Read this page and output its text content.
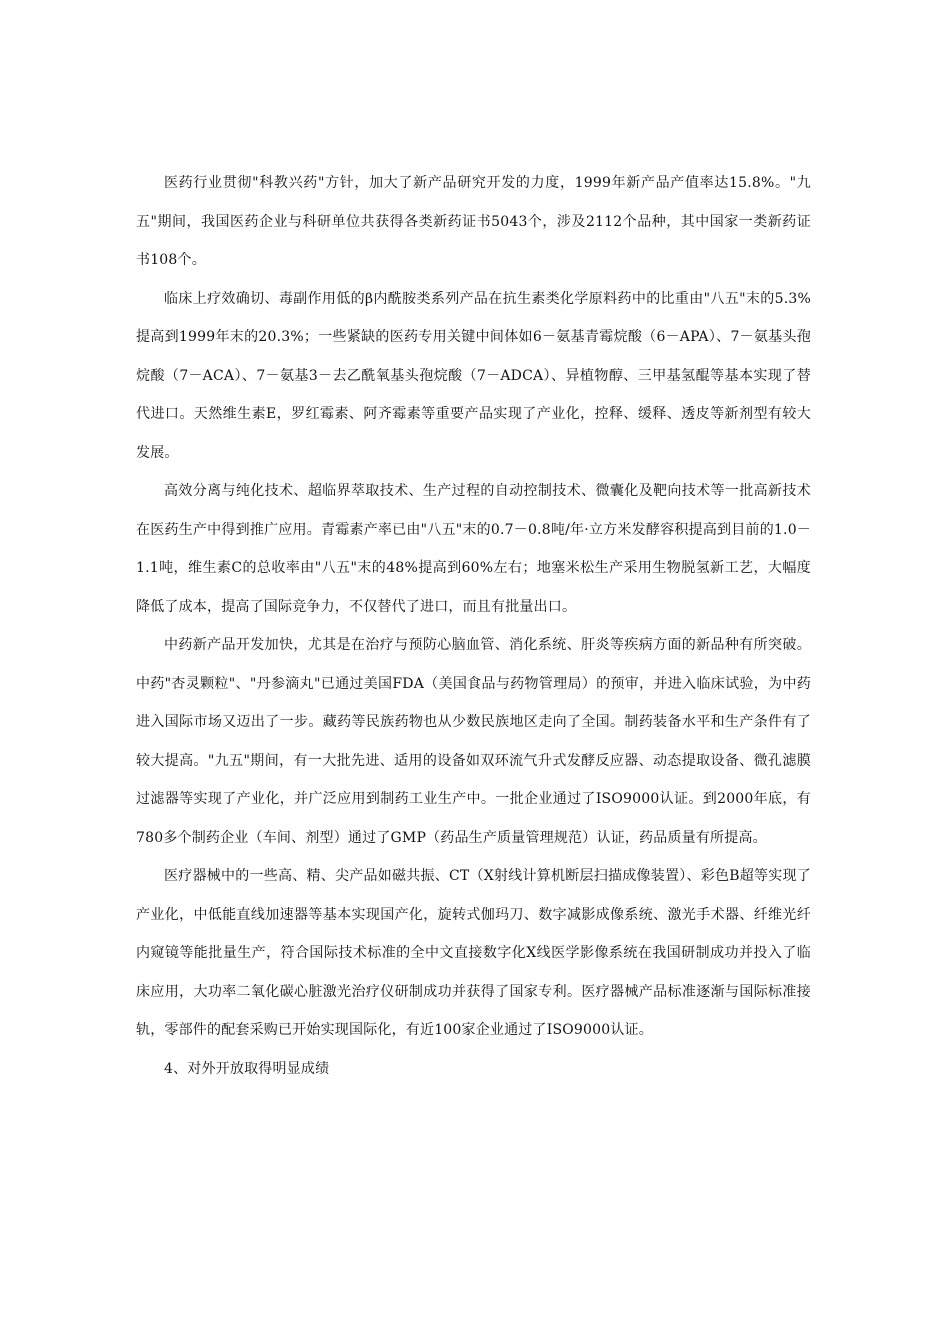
医药行业贯彻"科教兴药"方针，加大了新产品研究开发的力度，1999年新产品产值率达15.8%。"九五"期间，我国医药企业与科研单位共获得各类新药证书5043个，涉及2112个品种，其中国家一类新药证书108个。

临床上疗效确切、毒副作用低的β内酰胺类系列产品在抗生素类化学原料药中的比重由"八五"末的5.3%提高到1999年末的20.3%；一些紧缺的医药专用关键中间体如6－氨基青霉烷酸（6－APA）、7－氨基头孢烷酸（7－ACA）、7－氨基3－去乙酰氧基头孢烷酸（7－ADCA）、异植物醇、三甲基氢醌等基本实现了替代进口。天然维生素E，罗红霉素、阿齐霉素等重要产品实现了产业化，控释、缓释、透皮等新剂型有较大发展。

高效分离与纯化技术、超临界萃取技术、生产过程的自动控制技术、微囊化及靶向技术等一批高新技术在医药生产中得到推广应用。青霉素产率已由"八五"末的0.7－0.8吨/年·立方米发酵容积提高到目前的1.0－1.1吨，维生素C的总收率由"八五"末的48%提高到60%左右；地塞米松生产采用生物脱氢新工艺，大幅度降低了成本，提高了国际竞争力，不仅替代了进口，而且有批量出口。

中药新产品开发加快，尤其是在治疗与预防心脑血管、消化系统、肝炎等疾病方面的新品种有所突破。中药"杏灵颗粒"、"丹参滴丸"已通过美国FDA（美国食品与药物管理局）的预审，并进入临床试验，为中药进入国际市场又迈出了一步。藏药等民族药物也从少数民族地区走向了全国。制药装备水平和生产条件有了较大提高。"九五"期间，有一大批先进、适用的设备如双环流气升式发酵反应器、动态提取设备、微孔滤膜过滤器等实现了产业化，并广泛应用到制药工业生产中。一批企业通过了ISO9000认证。到2000年底，有780多个制药企业（车间、剂型）通过了GMP（药品生产质量管理规范）认证，药品质量有所提高。

医疗器械中的一些高、精、尖产品如磁共振、CT（X射线计算机断层扫描成像装置）、彩色B超等实现了产业化，中低能直线加速器等基本实现国产化，旋转式伽玛刀、数字减影成像系统、激光手术器、纤维光纤内窥镜等能批量生产，符合国际技术标准的全中文直接数字化X线医学影像系统在我国研制成功并投入了临床应用，大功率二氧化碳心脏激光治疗仪研制成功并获得了国家专利。医疗器械产品标准逐渐与国际标准接轨，零部件的配套采购已开始实现国际化，有近100家企业通过了ISO9000认证。

4、对外开放取得明显成绩
